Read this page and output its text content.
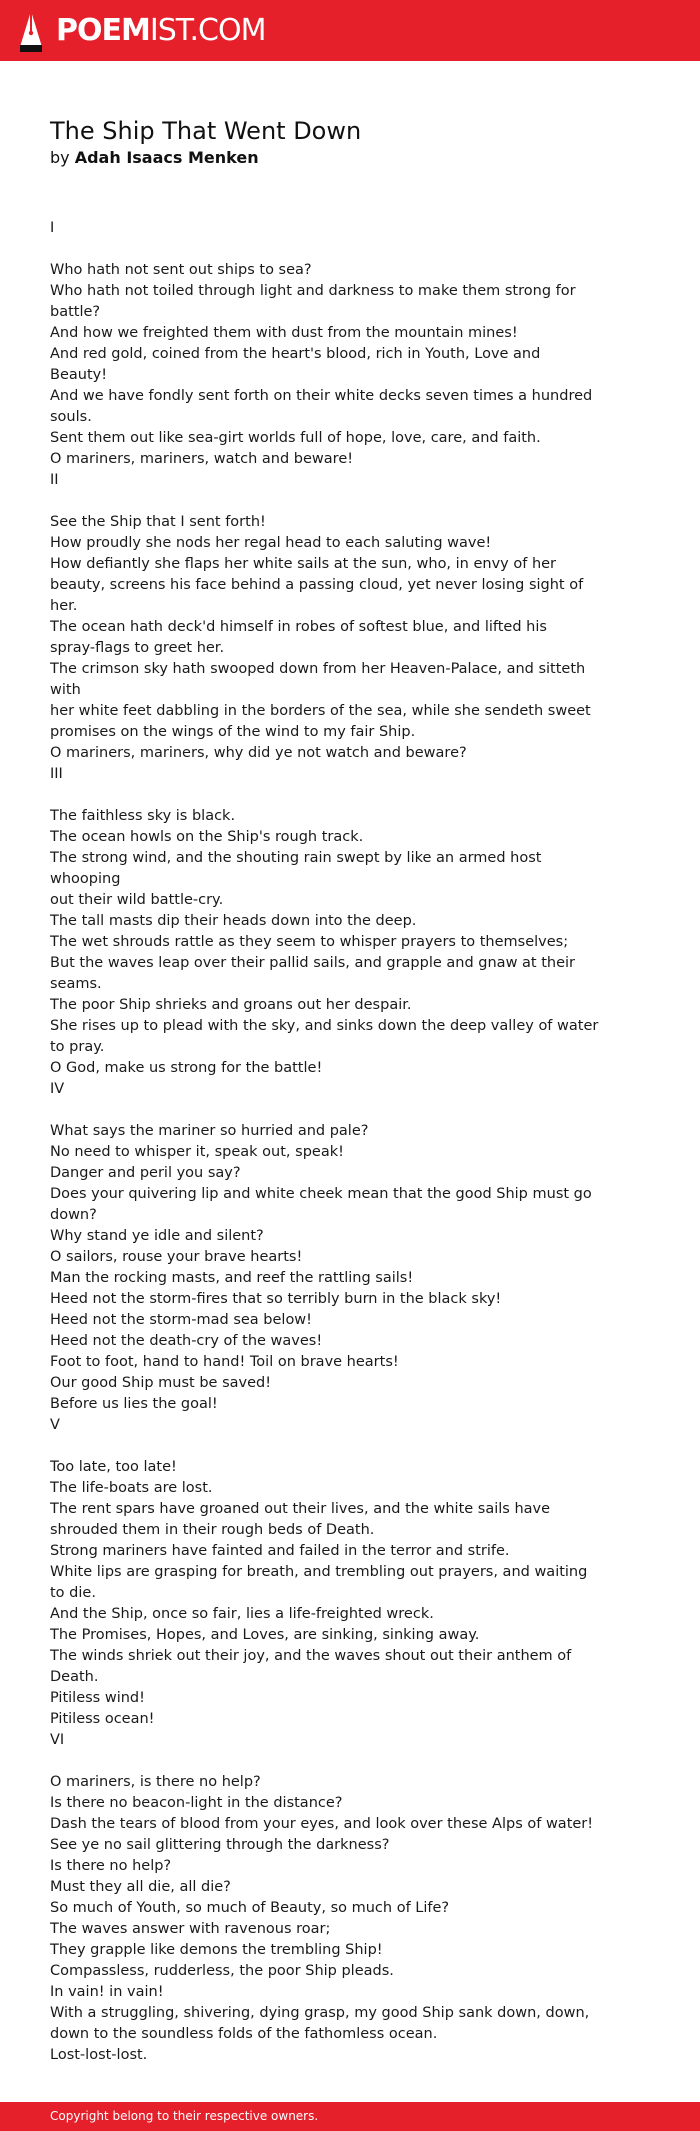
POEMIST.COM
The Ship That Went Down

by Adah Isaacs Menken

I
Who hath not sent out ships to sea?
Who hath not toiled through light and darkness to make them strong for
battle?
And how we freighted them with dust from the mountain mines!
And red gold, coined from the heart's blood, rich in Youth, Love and
Beauty!
And we have fondly sent forth on their white decks seven times a hundred
souls.
Sent them out like sea-girt worlds full of hope, love, care, and faith.
O mariners, mariners, watch and beware!
II
See the Ship that I sent forth!
How proudly she nods her regal head to each saluting wave!
How defiantly she flaps her white sails at the sun, who, in envy of her
beauty, screens his face behind a passing cloud, yet never losing sight of
her.
The ocean hath deck'd himself in robes of softest blue, and lifted his
spray-flags to greet her.
The crimson sky hath swooped down from her Heaven-Palace, and sitteth with
her white feet dabbling in the borders of the sea, while she sendeth sweet
promises on the wings of the wind to my fair Ship.
O mariners, mariners, why did ye not watch and beware?
III
The faithless sky is black.
The ocean howls on the Ship's rough track.
The strong wind, and the shouting rain swept by like an armed host whooping
out their wild battle-cry.
The tall masts dip their heads down into the deep.
The wet shrouds rattle as they seem to whisper prayers to themselves;
But the waves leap over their pallid sails, and grapple and gnaw at their
seams.
The poor Ship shrieks and groans out her despair.
She rises up to plead with the sky, and sinks down the deep valley of water
to pray.
O God, make us strong for the battle!
IV
What says the mariner so hurried and pale?
No need to whisper it, speak out, speak!
Danger and peril you say?
Does your quivering lip and white cheek mean that the good Ship must go
down?
Why stand ye idle and silent?
O sailors, rouse your brave hearts!
Man the rocking masts, and reef the rattling sails!
Heed not the storm-fires that so terribly burn in the black sky!
Heed not the storm-mad sea below!
Heed not the death-cry of the waves!
Foot to foot, hand to hand! Toil on brave hearts!
Our good Ship must be saved!
Before us lies the goal!
V
Too late, too late!
The life-boats are lost.
The rent spars have groaned out their lives, and the white sails have
shrouded them in their rough beds of Death.
Strong mariners have fainted and failed in the terror and strife.
White lips are grasping for breath, and trembling out prayers, and waiting
to die.
And the Ship, once so fair, lies a life-freighted wreck.
The Promises, Hopes, and Loves, are sinking, sinking away.
The winds shriek out their joy, and the waves shout out their anthem of
Death.
Pitiless wind!
Pitiless ocean!
VI
O mariners, is there no help?
Is there no beacon-light in the distance?
Dash the tears of blood from your eyes, and look over these Alps of water!
See ye no sail glittering through the darkness?
Is there no help?
Must they all die, all die?
So much of Youth, so much of Beauty, so much of Life?
The waves answer with ravenous roar;
They grapple like demons the trembling Ship!
Compassless, rudderless, the poor Ship pleads.
In vain! in vain!
With a struggling, shivering, dying grasp, my good Ship sank down, down,
down to the soundless folds of the fathomless ocean.
Lost-lost-lost.

Copyright belong to their respective owners.
